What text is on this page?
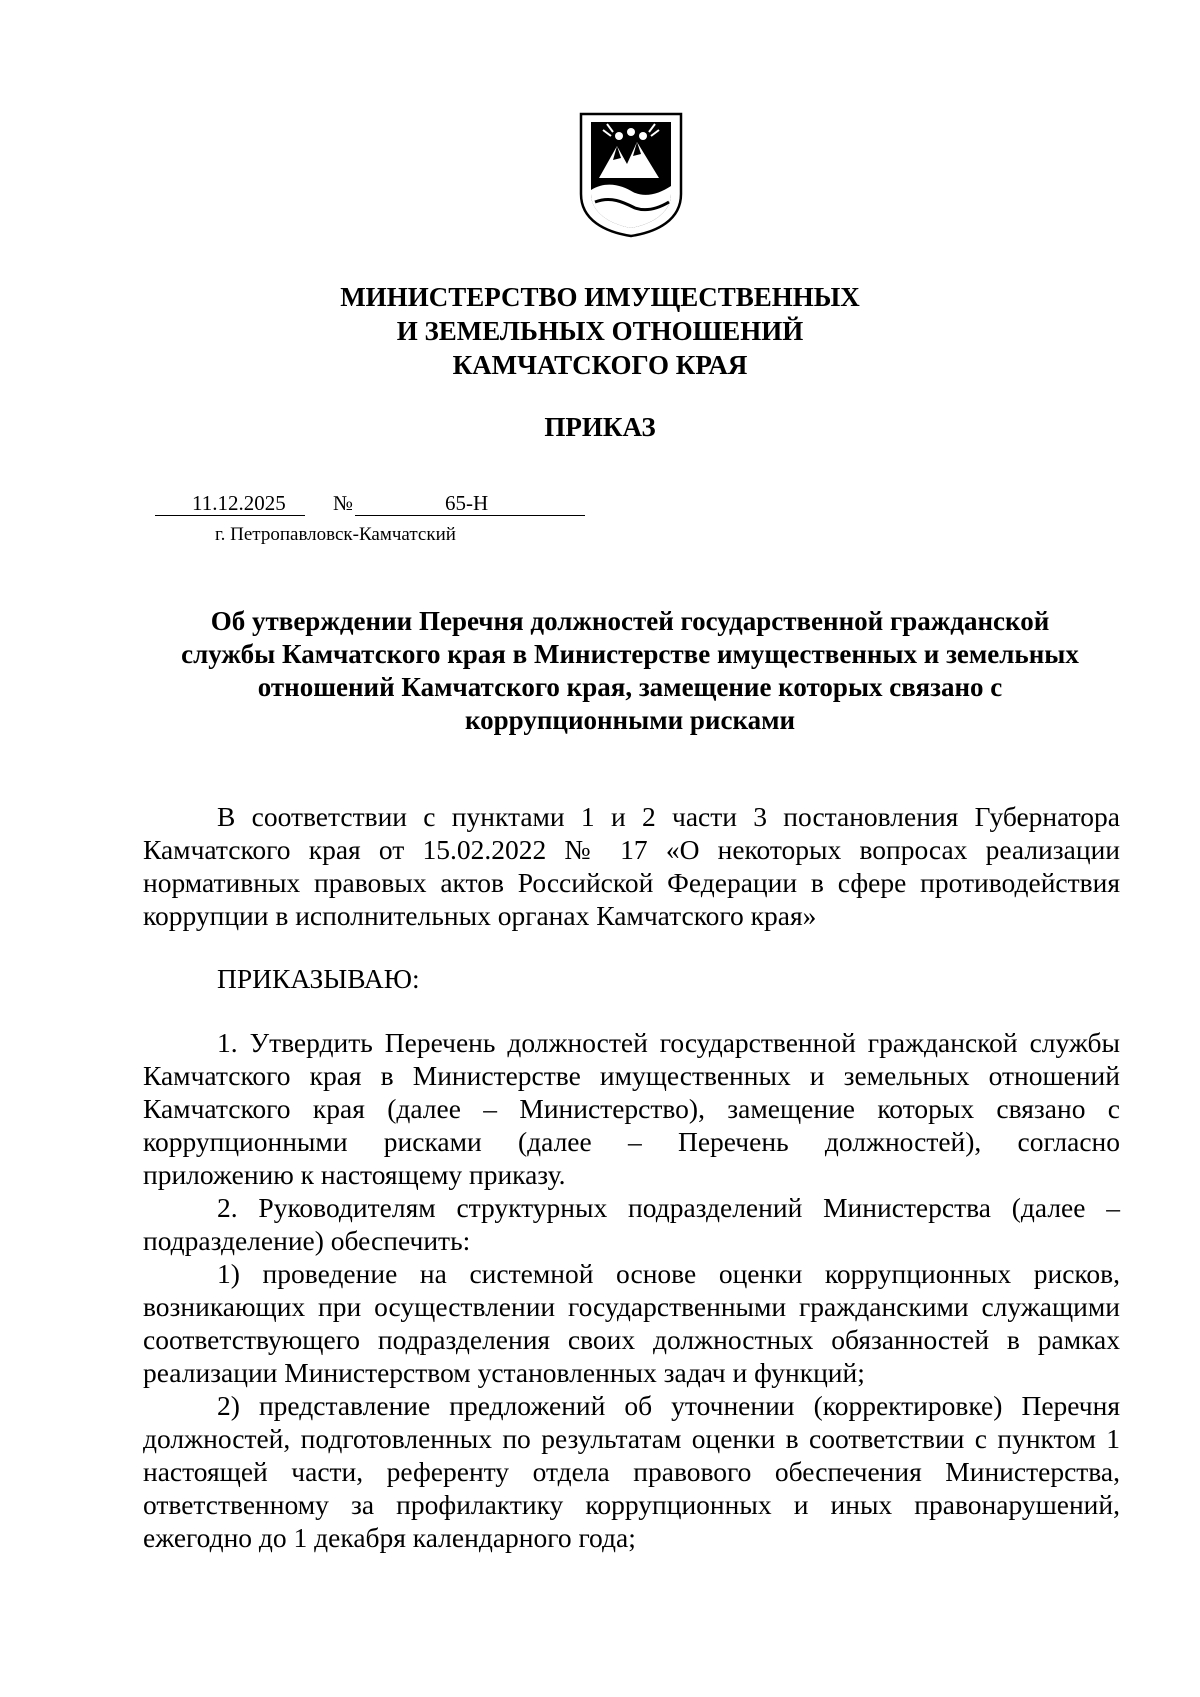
МИНИСТЕРСТВО ИМУЩЕСТВЕННЫХ
И ЗЕМЕЛЬНЫХ ОТНОШЕНИЙ
КАМЧАТСКОГО КРАЯ
ПРИКАЗ
11.12.2025 №	65-Н
г. Петропавловск-Камчатский
Об утверждении Перечня должностей государственной гражданской
службы Камчатского края в Министерстве имущественных и земельных
отношений Камчатского края, замещение которых связано с
коррупционными рисками
В соответствии с пунктами 1 и 2 части 3 постановления Губернатора
Камчатского края от 15.02.2022 № 17 «О некоторых вопросах реализации
нормативных правовых актов Российской Федерации в сфере противодействия
коррупции в исполнительных органах Камчатского края»
ПРИКАЗЫВАЮ:
1. Утвердить Перечень должностей государственной гражданской службы
Камчатского края в Министерстве имущественных и земельных отношений
Камчатского края (далее – Министерство), замещение которых связано с
коррупционными рисками (далее – Перечень должностей), согласно
приложению к настоящему приказу.
2. Руководителям структурных подразделений Министерства (далее –
подразделение) обеспечить:
1) проведение на системной основе оценки коррупционных рисков,
возникающих при осуществлении государственными гражданскими служащими
соответствующего подразделения своих должностных обязанностей в рамках
реализации Министерством установленных задач и функций;
2) представление предложений об уточнении (корректировке) Перечня
должностей, подготовленных по результатам оценки в соответствии с пунктом 1
настоящей части, референту отдела правового обеспечения Министерства,
ответственному за профилактику коррупционных и иных правонарушений,
ежегодно до 1 декабря календарного года;
